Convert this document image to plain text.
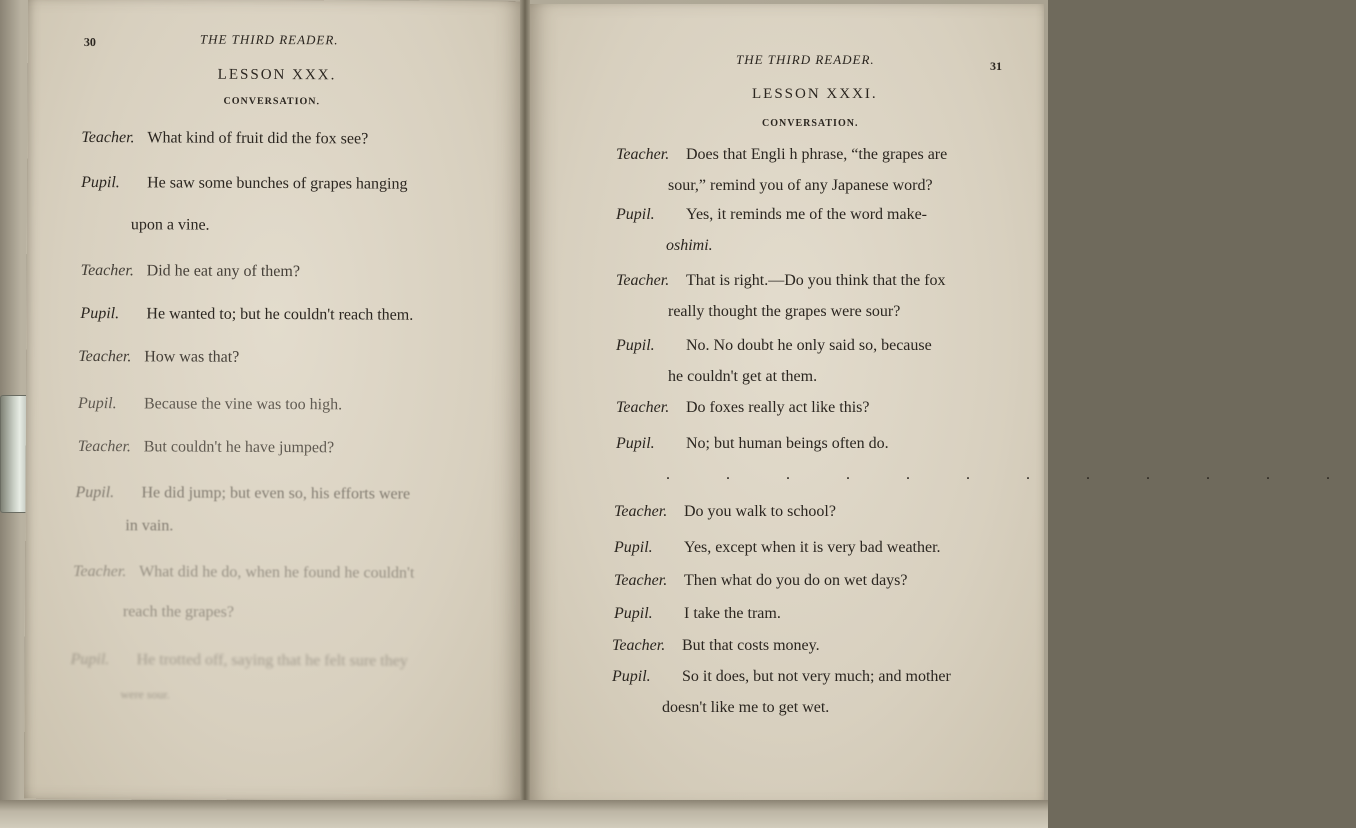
30	THE THIRD READER.
LESSON XXX.
CONVERSATION.
Teacher. What kind of fruit did the fox see?
Pupil. He saw some bunches of grapes hanging
upon a vine.
Teacher. Did he eat any of them?
Pupil. He wanted to; but he couldn't reach them.
Teacher. How was that?
Pupil. Because the vine was too high.
Teacher. But couldn't he have jumped?
Pupil. He did jump; but even so, his efforts were
in vain.
Teacher. What did he do, when he found he couldn't
reach the grapes?
Pupil. He trotted off, saying that he felt sure they
were sour.
THE THIRD READER.	31
LESSON XXXI.
CONVERSATION.
Teacher. Does that Engli h phrase, “the grapes are
sour,” remind you of any Japanese word?
Pupil. Yes, it reminds me of the word make-
oshimi.
Teacher. That is right.—Do you think that the fox
really thought the grapes were sour?
Pupil. No. No doubt he only said so, because
he couldn't get at them.
Teacher. Do foxes really act like this?
Pupil. No; but human beings often do.
. . . . . . . . . . . .
Teacher. Do you walk to school?
Pupil. Yes, except when it is very bad weather.
Teacher. Then what do you do on wet days?
Pupil. I take the tram.
Teacher. But that costs money.
Pupil. So it does, but not very much; and mother
doesn't like me to get wet.
